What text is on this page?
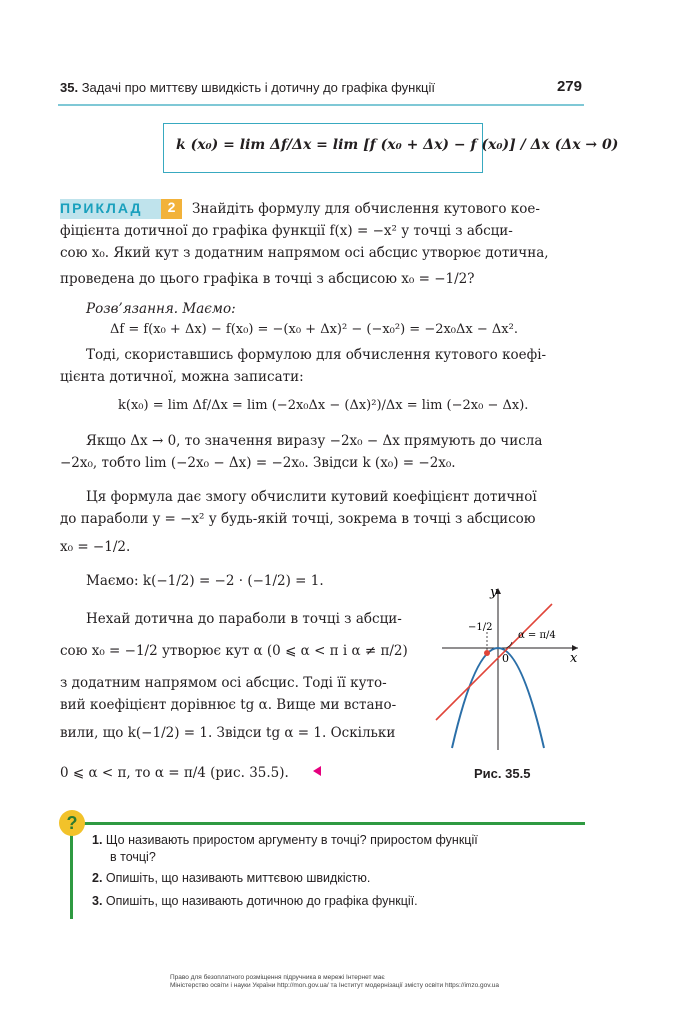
35. Задачі про миттєву швидкість і дотичну до графіка функції	279
k (x₀) = lim Δf/Δx = lim [f (x₀ + Δx) − f (x₀)] / Δx (Δx → 0)
ПРИКЛАД	2	Знайдіть формулу для обчислення кутового кое-
фіцієнта дотичної до графіка функції f(x) = −x² у точці з абсци-
сою x₀. Який кут з додатним напрямом осі абсцис утворює дотична,
проведена до цього графіка в точці з абсцисою x₀ = −1/2?
Розв’язання. Маємо:
Δf = f(x₀ + Δx) − f(x₀) = −(x₀ + Δx)² − (−x₀²) = −2x₀Δx − Δx².
Тоді, скориставшись формулою для обчислення кутового коефі-
цієнта дотичної, можна записати:
k(x₀) = lim Δf/Δx = lim (−2x₀Δx − (Δx)²)/Δx = lim (−2x₀ − Δx).
Якщо Δx → 0, то значення виразу −2x₀ − Δx прямують до числа
−2x₀, тобто lim (−2x₀ − Δx) = −2x₀. Звідси k (x₀) = −2x₀.
Ця формула дає змогу обчислити кутовий коефіцієнт дотичної
до параболи y = −x² у будь-якій точці, зокрема в точці з абсцисою
x₀ = −1/2.
Маємо: k(−1/2) = −2 · (−1/2) = 1.
Нехай дотична до параболи в точці з абсци-
сою x₀ = −1/2 утворює кут α (0 ⩽ α < π і α ≠ π/2)
з додатним напрямом осі абсцис. Тоді її куто-
вий коефіцієнт дорівнює tg α. Вище ми встано-
вили, що k(−1/2) = 1. Звідси tg α = 1. Оскільки
0 ⩽ α < π, то α = π/4 (рис. 35.5).
y
x
0
−1/2
α = π/4
Рис. 35.5
?
1. Що називають приростом аргументу в точці? приростом функції
в точці?
2. Опишіть, що називають миттєвою швидкістю.
3. Опишіть, що називають дотичною до графіка функції.
Право для безоплатного розміщення підручника в мережі Інтернет має
Міністерство освіти і науки України http://mon.gov.ua/ та Інститут модернізації змісту освіти https://imzo.gov.ua
